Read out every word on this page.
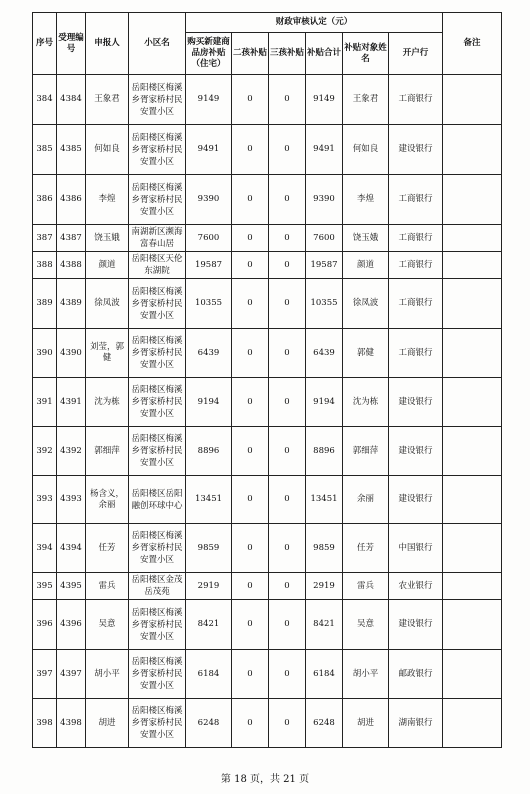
序号	受理编号	申报人	小区名	财政审核认定（元）						备注
				购买新建商品房补贴（住宅）	二孩补贴	三孩补贴	补贴合计	补贴对象姓名	开户行	
384	4384	王象君	岳阳楼区梅溪乡胥家桥村民安置小区	9149	0	0	9149	王象君	工商银行	
385	4385	何如良	岳阳楼区梅溪乡胥家桥村民安置小区	9491	0	0	9491	何如良	建设银行	
386	4386	李煌	岳阳楼区梅溪乡胥家桥村民安置小区	9390	0	0	9390	李煌	工商银行	
387	4387	饶玉娥	南湖新区濒海富春山居	7600	0	0	7600	饶玉娥	工商银行	
388	4388	颜道	岳阳楼区天伦东湖院	19587	0	0	19587	颜道	工商银行	
389	4389	徐凤波	岳阳楼区梅溪乡胥家桥村民安置小区	10355	0	0	10355	徐凤波	工商银行	
390	4390	刘莹，郭健	岳阳楼区梅溪乡胥家桥村民安置小区	6439	0	0	6439	郭健	工商银行	
391	4391	沈为栋	岳阳楼区梅溪乡胥家桥村民安置小区	9194	0	0	9194	沈为栋	建设银行	
392	4392	郭细萍	岳阳楼区梅溪乡胥家桥村民安置小区	8896	0	0	8896	郭细萍	建设银行	
393	4393	杨含义，余丽	岳阳楼区岳阳融创环球中心	13451	0	0	13451	余丽	建设银行	
394	4394	任芳	岳阳楼区梅溪乡胥家桥村民安置小区	9859	0	0	9859	任芳	中国银行	
395	4395	雷兵	岳阳楼区金茂岳茂苑	2919	0	0	2919	雷兵	农业银行	
396	4396	吴意	岳阳楼区梅溪乡胥家桥村民安置小区	8421	0	0	8421	吴意	建设银行	
397	4397	胡小平	岳阳楼区梅溪乡胥家桥村民安置小区	6184	0	0	6184	胡小平	邮政银行	
398	4398	胡进	岳阳楼区梅溪乡胥家桥村民安置小区	6248	0	0	6248	胡进	湖南银行	
第 18 页，共 21 页
